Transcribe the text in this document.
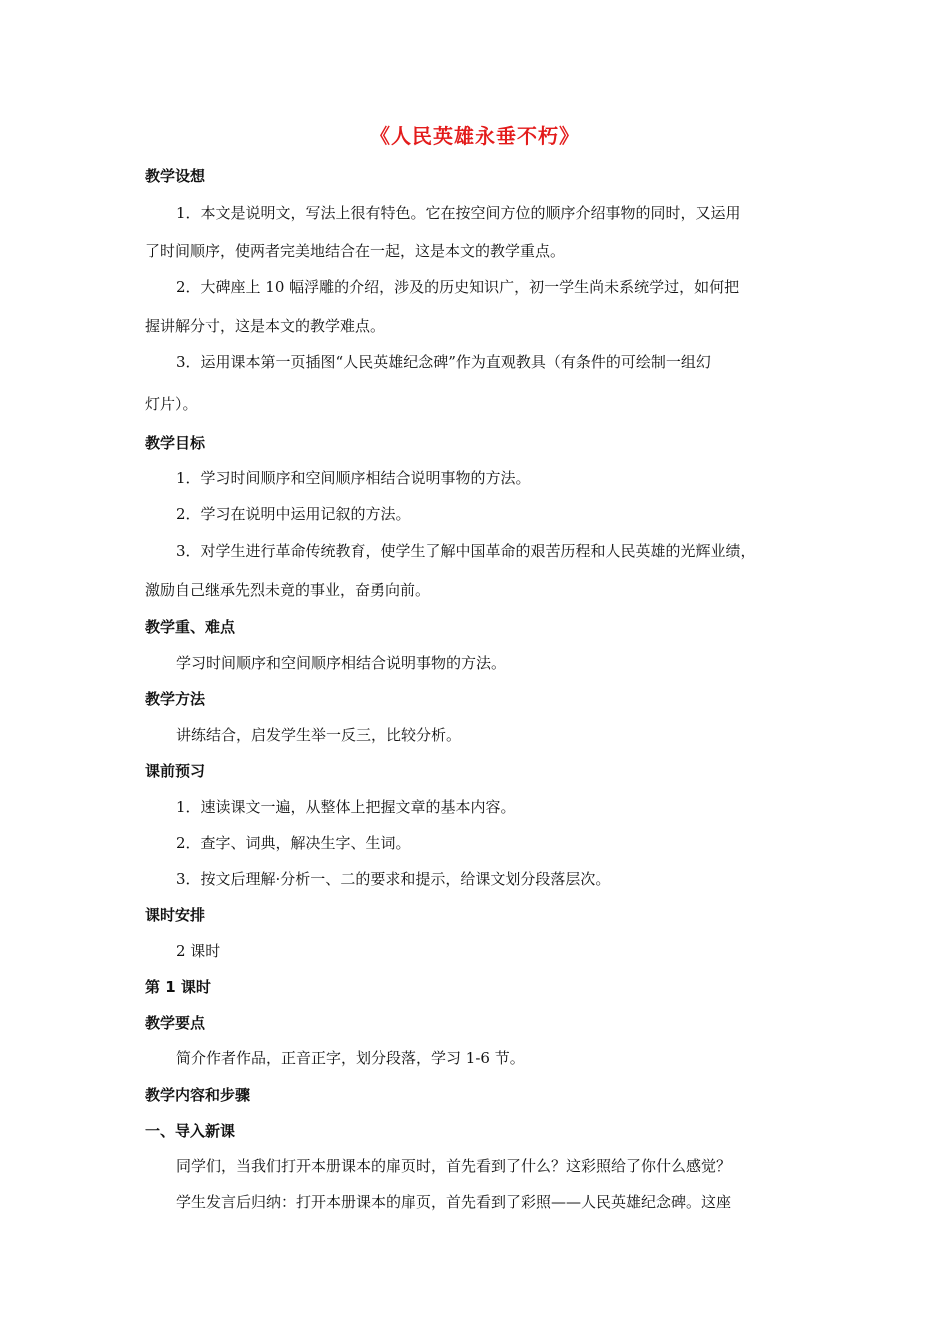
《人民英雄永垂不朽》
教学设想
1．本文是说明文，写法上很有特色。它在按空间方位的顺序介绍事物的同时，又运用
了时间顺序，使两者完美地结合在一起，这是本文的教学重点。
2．大碑座上 10 幅浮雕的介绍，涉及的历史知识广，初一学生尚未系统学过，如何把
握讲解分寸，这是本文的教学难点。
3．运用课本第一页插图“人民英雄纪念碑”作为直观教具（有条件的可绘制一组幻
灯片）。
教学目标
1．学习时间顺序和空间顺序相结合说明事物的方法。
2．学习在说明中运用记叙的方法。
3．对学生进行革命传统教育，使学生了解中国革命的艰苦历程和人民英雄的光辉业绩，
激励自己继承先烈未竟的事业，奋勇向前。
教学重、难点
学习时间顺序和空间顺序相结合说明事物的方法。
教学方法
讲练结合，启发学生举一反三，比较分析。
课前预习
1．速读课文一遍，从整体上把握文章的基本内容。
2．查字、词典，解决生字、生词。
3．按文后理解·分析一、二的要求和提示，给课文划分段落层次。
课时安排
2 课时
第 1 课时
教学要点
简介作者作品，正音正字，划分段落，学习 1-6 节。
教学内容和步骤
一、导入新课
同学们，当我们打开本册课本的扉页时，首先看到了什么？这彩照给了你什么感觉？
学生发言后归纳：打开本册课本的扉页，首先看到了彩照——人民英雄纪念碑。这座
